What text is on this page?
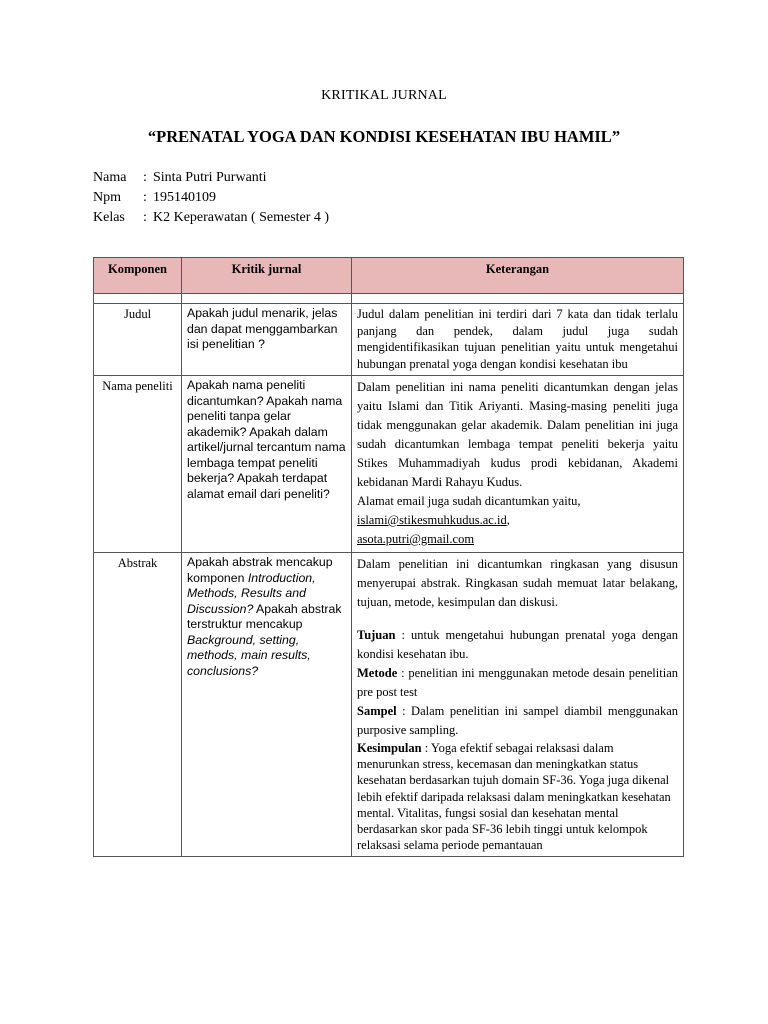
KRITIKAL JURNAL
“PRENATAL YOGA DAN KONDISI KESEHATAN IBU HAMIL”
Nama	: Sinta Putri Purwanti
Npm	: 195140109
Kelas	: K2 Keperawatan ( Semester 4 )
Komponen	Kritik jurnal	Keterangan

Judul	Apakah judul menarik, jelas dan dapat menggambarkan isi penelitian ?	Judul dalam penelitian ini terdiri dari 7 kata dan tidak terlalu panjang dan pendek, dalam judul juga sudah mengidentifikasikan tujuan penelitian yaitu untuk mengetahui hubungan prenatal yoga dengan kondisi kesehatan ibu
Nama peneliti	Apakah nama peneliti dicantumkan? Apakah nama peneliti tanpa gelar akademik? Apakah dalam artikel/jurnal tercantum nama lembaga tempat peneliti bekerja? Apakah terdapat alamat email dari peneliti?	Dalam penelitian ini nama peneliti dicantumkan dengan jelas yaitu Islami dan Titik Ariyanti. Masing-masing peneliti juga tidak menggunakan gelar akademik. Dalam penelitian ini juga sudah dicantumkan lembaga tempat peneliti bekerja yaitu Stikes Muhammadiyah kudus prodi kebidanan, Akademi kebidanan Mardi Rahayu Kudus.

Alamat email juga sudah dicantumkan yaitu,

islami@stikesmuhkudus.ac.id,

asota.putri@gmail.com

Abstrak	Apakah abstrak mencakup komponen Introduction, Methods, Results and Discussion? Apakah abstrak terstruktur mencakup Background, setting, methods, main results, conclusions?	Dalam penelitian ini dicantumkan ringkasan yang disusun menyerupai abstrak. Ringkasan sudah memuat latar belakang, tujuan, metode, kesimpulan dan diskusi.

Tujuan : untuk mengetahui hubungan prenatal yoga dengan kondisi kesehatan ibu.

Metode : penelitian ini menggunakan metode desain penelitian pre post test

Sampel : Dalam penelitian ini sampel diambil menggunakan purposive sampling.

Kesimpulan : Yoga efektif sebagai relaksasi dalam menurunkan stress, kecemasan dan meningkatkan status kesehatan berdasarkan tujuh domain SF-36. Yoga juga dikenal lebih efektif daripada relaksasi dalam meningkatkan kesehatan mental. Vitalitas, fungsi sosial dan kesehatan mental berdasarkan skor pada SF-36 lebih tinggi untuk kelompok relaksasi selama periode pemantauan
